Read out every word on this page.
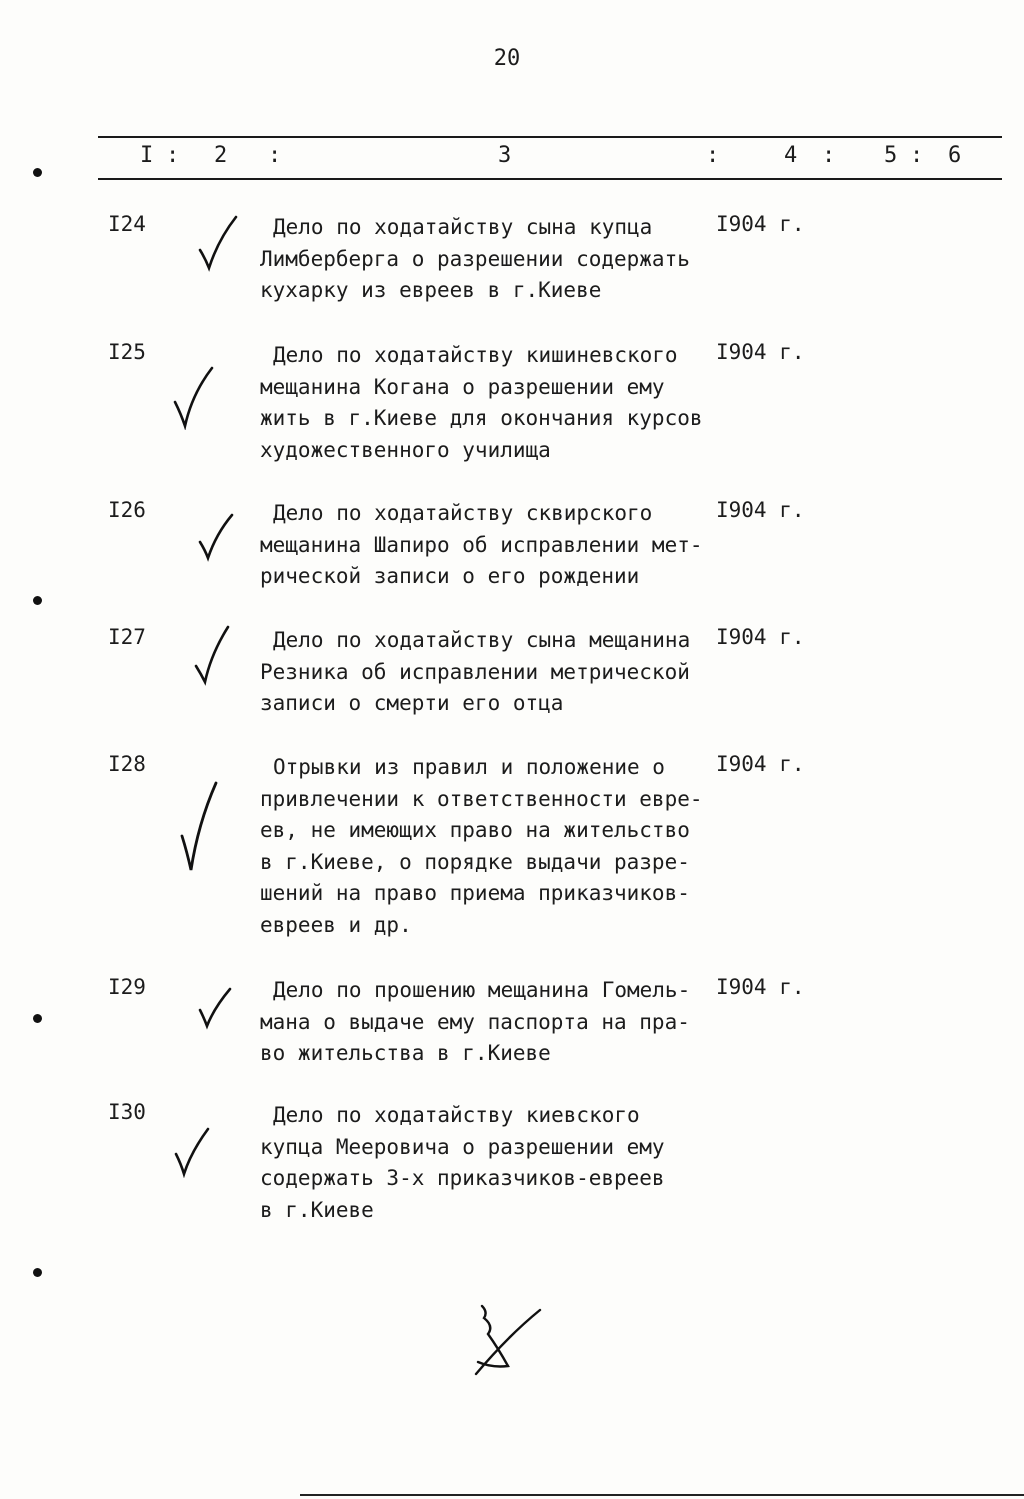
20
I : 2 :	3	:	4 : 5 : 6
I24	Дело по ходатайству сына купца
Лимберберга о разрешении содержать
кухарку из евреев в г.Киеве
I904 г.
I25	Дело по ходатайству кишиневского
мещанина Когана о разрешении ему
жить в г.Киеве для окончания курсов
художественного училища
I904 г.
I26	Дело по ходатайству сквирского
мещанина Шапиро об исправлении мет-
рической записи о его рождении
I904 г.
I27	Дело по ходатайству сына мещанина
Резника об исправлении метрической
записи о смерти его отца
I904 г.
I28	Отрывки из правил и положение о
привлечении к ответственности евре-
ев, не имеющих право на жительство
в г.Киеве, о порядке выдачи разре-
шений на право приема приказчиков-
евреев и др.
I904 г.
I29	Дело по прошению мещанина Гомель-
мана о выдаче ему паспорта на пра-
во жительства в г.Киеве
I904 г.
I30	Дело по ходатайству киевского
купца Мееровича о разрешении ему
содержать 3-х приказчиков-евреев
в г.Киеве
